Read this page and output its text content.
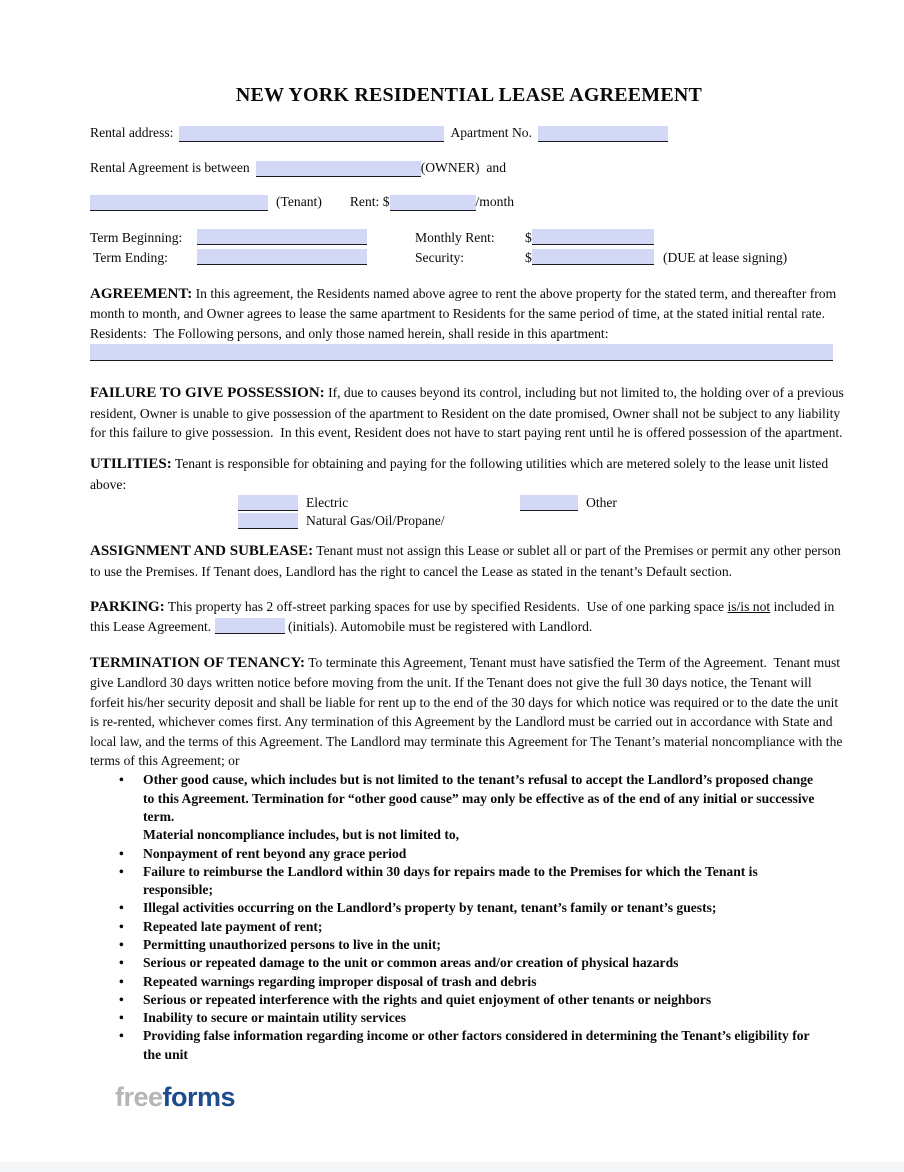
NEW YORK RESIDENTIAL LEASE AGREEMENT
Rental address:	Apartment No.
Rental Agreement is between	(OWNER)  and
(Tenant) Rent: $	/month
Term Beginning:	Monthly Rent:	$
Term Ending:	Security:	$	(DUE at lease signing)

AGREEMENT: In this agreement, the Residents named above agree to rent the above property for the stated term, and thereafter from month to month, and Owner agrees to lease the same apartment to Residents for the same period of time, at the stated initial rental rate.  Residents:  The Following persons, and only those named herein, shall reside in this apartment:

FAILURE TO GIVE POSSESSION: If, due to causes beyond its control, including but not limited to, the holding over of a previous resident, Owner is unable to give possession of the apartment to Resident on the date promised, Owner shall not be subject to any liability for this failure to give possession.  In this event, Resident does not have to start paying rent until he is offered possession of the apartment.

UTILITIES: Tenant is responsible for obtaining and paying for the following utilities which are metered solely to the lease unit listed above:

Electric	Other
Natural Gas/Oil/Propane/

ASSIGNMENT AND SUBLEASE: Tenant must not assign this Lease or sublet all or part of the Premises or permit any other person to use the Premises. If Tenant does, Landlord has the right to cancel the Lease as stated in the tenant’s Default section.

PARKING: This property has 2 off-street parking spaces for use by specified Residents.  Use of one parking space is/is not included in this Lease Agreement.	(initials). Automobile must be registered with Landlord.

TERMINATION OF TENANCY: To terminate this Agreement, Tenant must have satisfied the Term of the Agreement.  Tenant must give Landlord 30 days written notice before moving from the unit. If the Tenant does not give the full 30 days notice, the Tenant will forfeit his/her security deposit and shall be liable for rent up to the end of the 30 days for which notice was required or to the date the unit is re-rented, whichever comes first. Any termination of this Agreement by the Landlord must be carried out in accordance with State and local law, and the terms of this Agreement. The Landlord may terminate this Agreement for The Tenant’s material noncompliance with the terms of this Agreement; or

• Other good cause, which includes but is not limited to the tenant’s refusal to accept the Landlord’s proposed change to this Agreement. Termination for “other good cause” may only be effective as of the end of any initial or successive term.
Material noncompliance includes, but is not limited to,
• Nonpayment of rent beyond any grace period
• Failure to reimburse the Landlord within 30 days for repairs made to the Premises for which the Tenant is responsible;
• Illegal activities occurring on the Landlord’s property by tenant, tenant’s family or tenant’s guests;
• Repeated late payment of rent;
• Permitting unauthorized persons to live in the unit;
• Serious or repeated damage to the unit or common areas and/or creation of physical hazards
• Repeated warnings regarding improper disposal of trash and debris
• Serious or repeated interference with the rights and quiet enjoyment of other tenants or neighbors
• Inability to secure or maintain utility services
• Providing false information regarding income or other factors considered in determining the Tenant’s eligibility for the unit
freeforms
